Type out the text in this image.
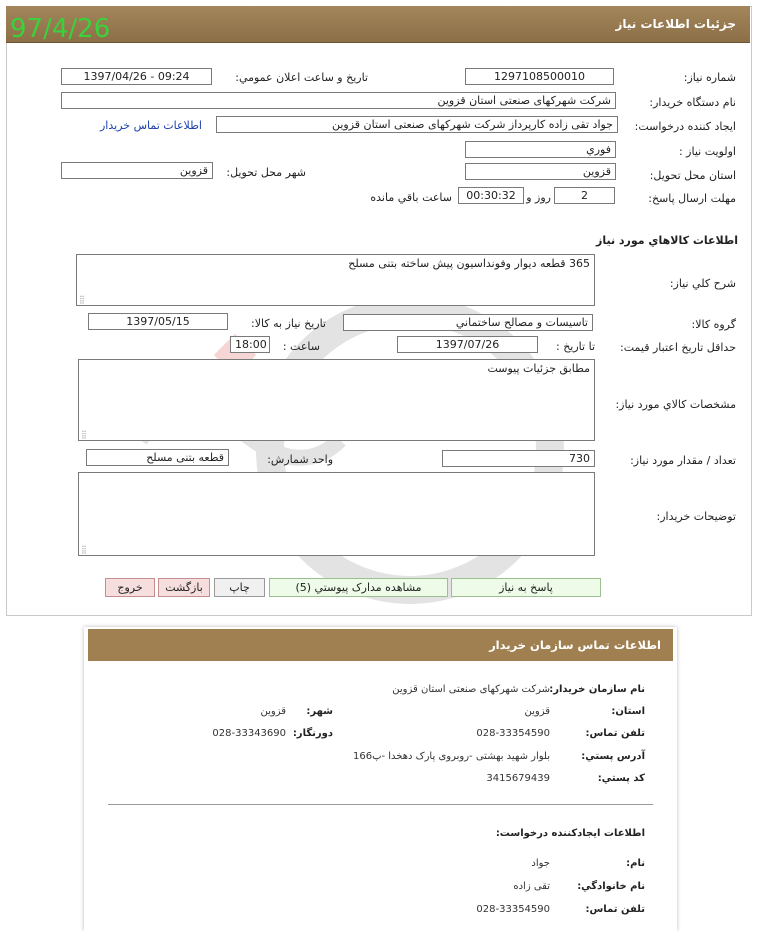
جزئيات اطلاعات نياز
97/4/26
شماره نياز:
1297108500010
تاريخ و ساعت اعلان عمومي:
1397/04/26 - 09:24
نام دستگاه خريدار:
شرکت شهرکهای صنعتی استان قزوين
ايجاد کننده درخواست:
جواد تقی زاده کارپرداز شرکت شهرکهای صنعتی استان قزوين
اطلاعات تماس خريدار
اولويت نياز :
فوري
استان محل تحويل:
قزوين
شهر محل تحويل:
قزوين
مهلت ارسال پاسخ:
2
روز و
00:30:32
ساعت باقي مانده
اطلاعات کالاهاي مورد نياز
شرح کلي نياز:
365 قطعه دیوار وفونداسیون پیش ساخته بتنی مسلح
⣿
گروه کالا:
تاسيسات و مصالح ساختماني
تاريخ نياز به کالا:
1397/05/15
حداقل تاريخ اعتبار قيمت:
تا تاريخ :
1397/07/26
ساعت :
18:00
مشخصات کالاي مورد نياز:
مطابق جزئیات پیوست
⣿
تعداد / مقدار مورد نياز:
730
واحد شمارش:
قطعه بتنی مسلح
توضيحات خريدار:
⣿
پاسخ به نياز
مشاهده مدارک پيوستي (5)
چاپ
بازگشت
خروج
اطلاعات تماس سازمان خريدار
نام سازمان خريدار:
شرکت شهرکهای صنعتی استان قزوین
استان:
قزوین
شهر:
قزوین
تلفن تماس:
028-33354590
دورنگار:
028-33343690
آدرس پستي:
بلوار شهید بهشتی -روبروی پارک دهخدا -پ166
کد پستي:
3415679439
اطلاعات ايجادکننده درخواست:
نام:
جواد
نام خانوادگي:
تقی زاده
تلفن تماس:
028-33354590
